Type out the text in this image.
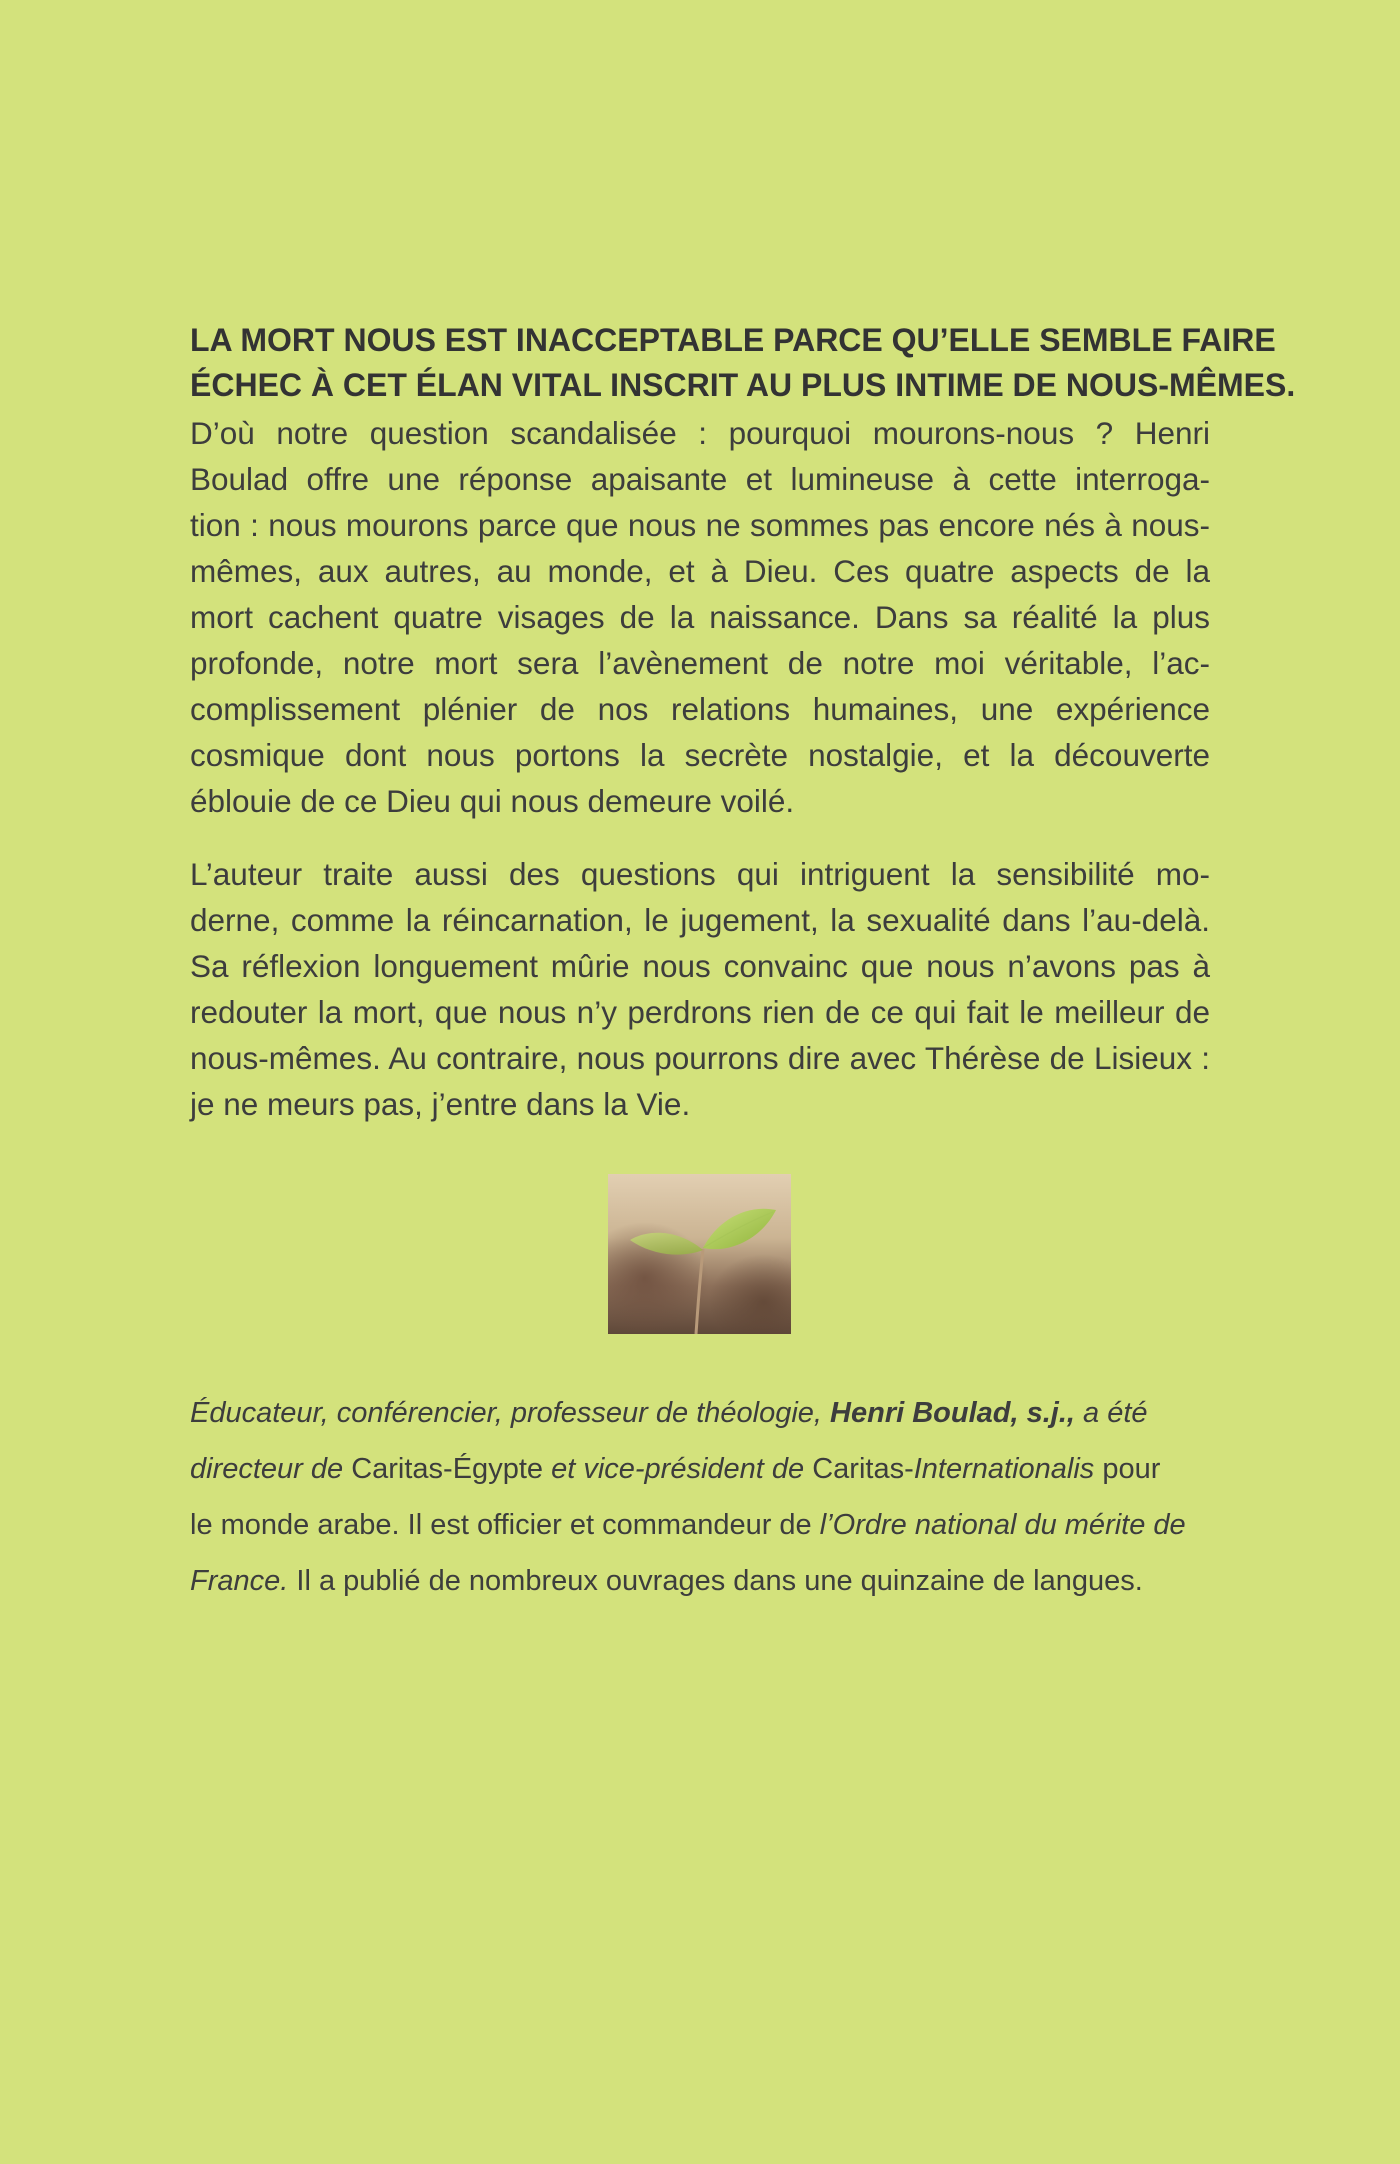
LA MORT NOUS EST INACCEPTABLE PARCE QU’ELLE SEMBLE FAIRE
ÉCHEC À CET ÉLAN VITAL INSCRIT AU PLUS INTIME DE NOUS-MÊMES.
D’où notre question scandalisée : pourquoi mourons-nous ? Henri
Boulad offre une réponse apaisante et lumineuse à cette interroga-
tion : nous mourons parce que nous ne sommes pas encore nés à nous-
mêmes, aux autres, au monde, et à Dieu. Ces quatre aspects de la
mort cachent quatre visages de la naissance. Dans sa réalité la plus
profonde, notre mort sera l’avènement de notre moi véritable, l’ac-
complissement plénier de nos relations humaines, une expérience
cosmique dont nous portons la secrète nostalgie, et la découverte
éblouie de ce Dieu qui nous demeure voilé.
L’auteur traite aussi des questions qui intriguent la sensibilité mo-
derne, comme la réincarnation, le jugement, la sexualité dans l’au-delà.
Sa réflexion longuement mûrie nous convainc que nous n’avons pas à
redouter la mort, que nous n’y perdrons rien de ce qui fait le meilleur de
nous-mêmes. Au contraire, nous pourrons dire avec Thérèse de Lisieux :
je ne meurs pas, j’entre dans la Vie.
Éducateur, conférencier, professeur de théologie, Henri Boulad, s.j., a été
directeur de Caritas-Égypte et vice-président de Caritas-Internationalis pour
le monde arabe. Il est officier et commandeur de l’Ordre national du mérite de
France. Il a publié de nombreux ouvrages dans une quinzaine de langues.
